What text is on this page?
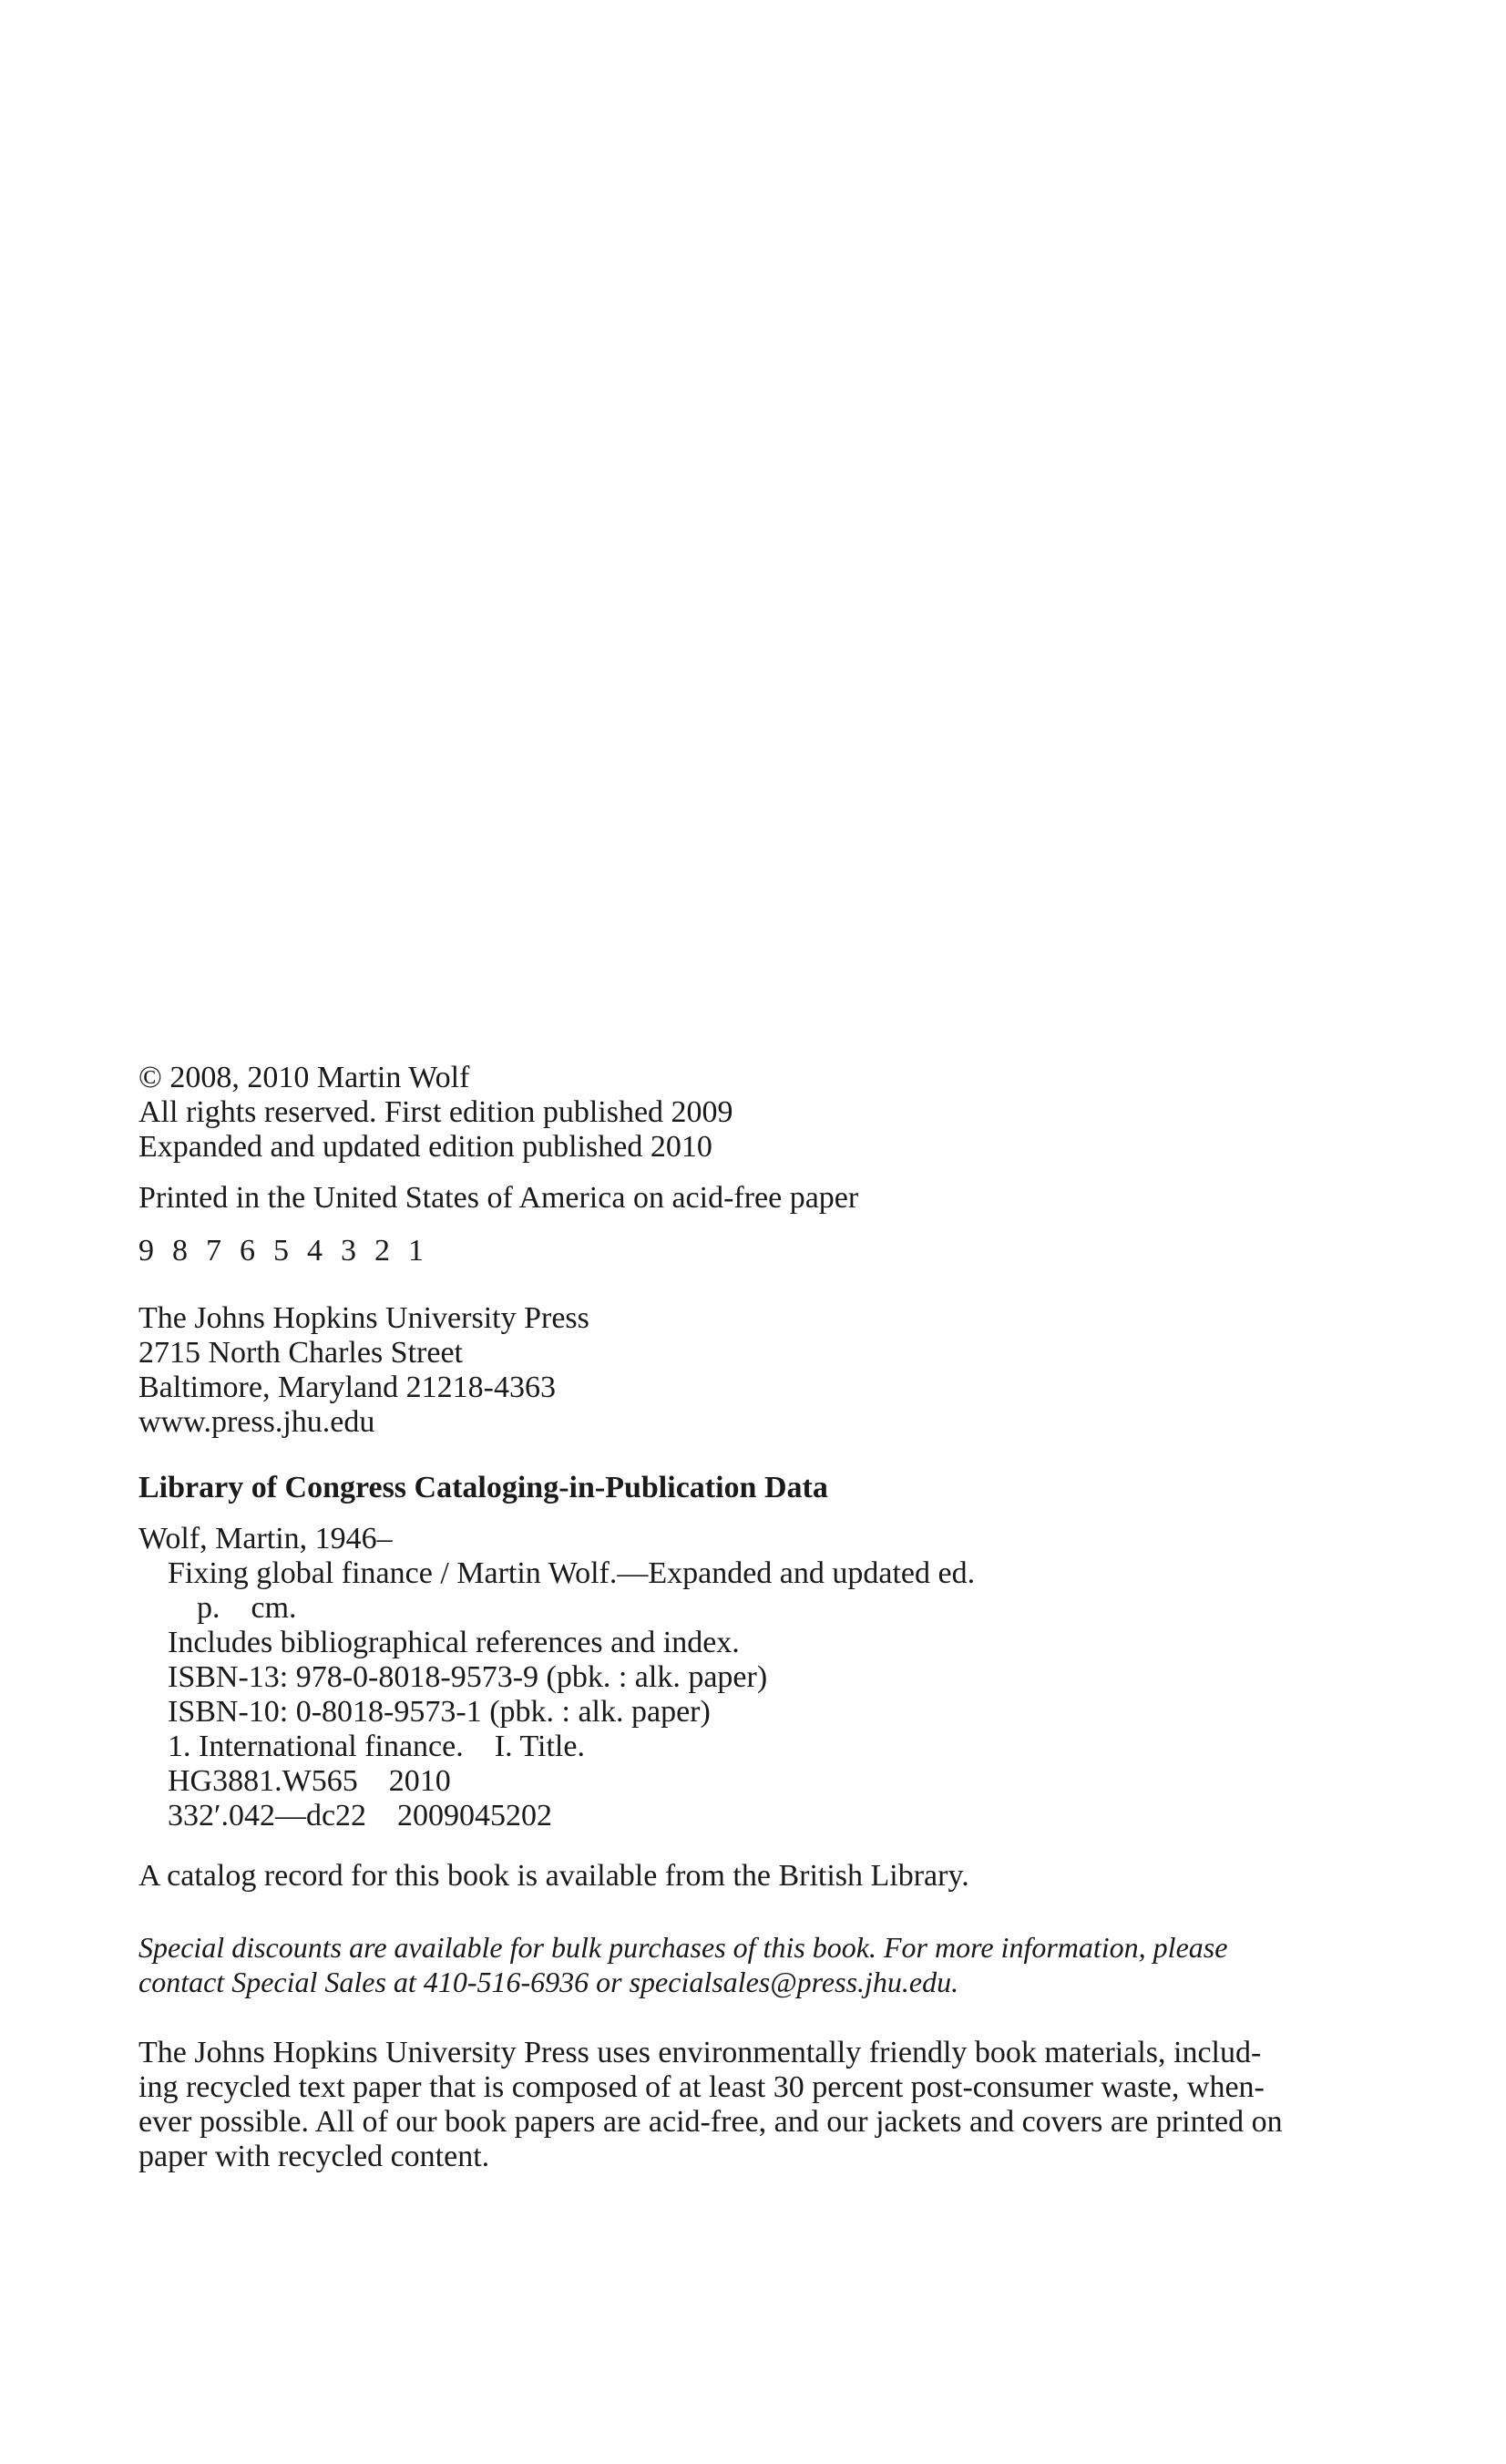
© 2008, 2010 Martin Wolf
All rights reserved. First edition published 2009
Expanded and updated edition published 2010
Printed in the United States of America on acid-free paper
9 8 7 6 5 4 3 2 1
The Johns Hopkins University Press
2715 North Charles Street
Baltimore, Maryland 21218-4363
www.press.jhu.edu
Library of Congress Cataloging-in-Publication Data
Wolf, Martin, 1946–
Fixing global finance / Martin Wolf.—Expanded and updated ed.
p.    cm.
Includes bibliographical references and index.
ISBN-13: 978-0-8018-9573-9 (pbk. : alk. paper)
ISBN-10: 0-8018-9573-1 (pbk. : alk. paper)
1. International finance.    I. Title.
HG3881.W565    2010
332′.042—dc22    2009045202
A catalog record for this book is available from the British Library.
Special discounts are available for bulk purchases of this book. For more information, please
contact Special Sales at 410-516-6936 or specialsales@press.jhu.edu.
The Johns Hopkins University Press uses environmentally friendly book materials, includ-
ing recycled text paper that is composed of at least 30 percent post-consumer waste, when-
ever possible. All of our book papers are acid-free, and our jackets and covers are printed on
paper with recycled content.
